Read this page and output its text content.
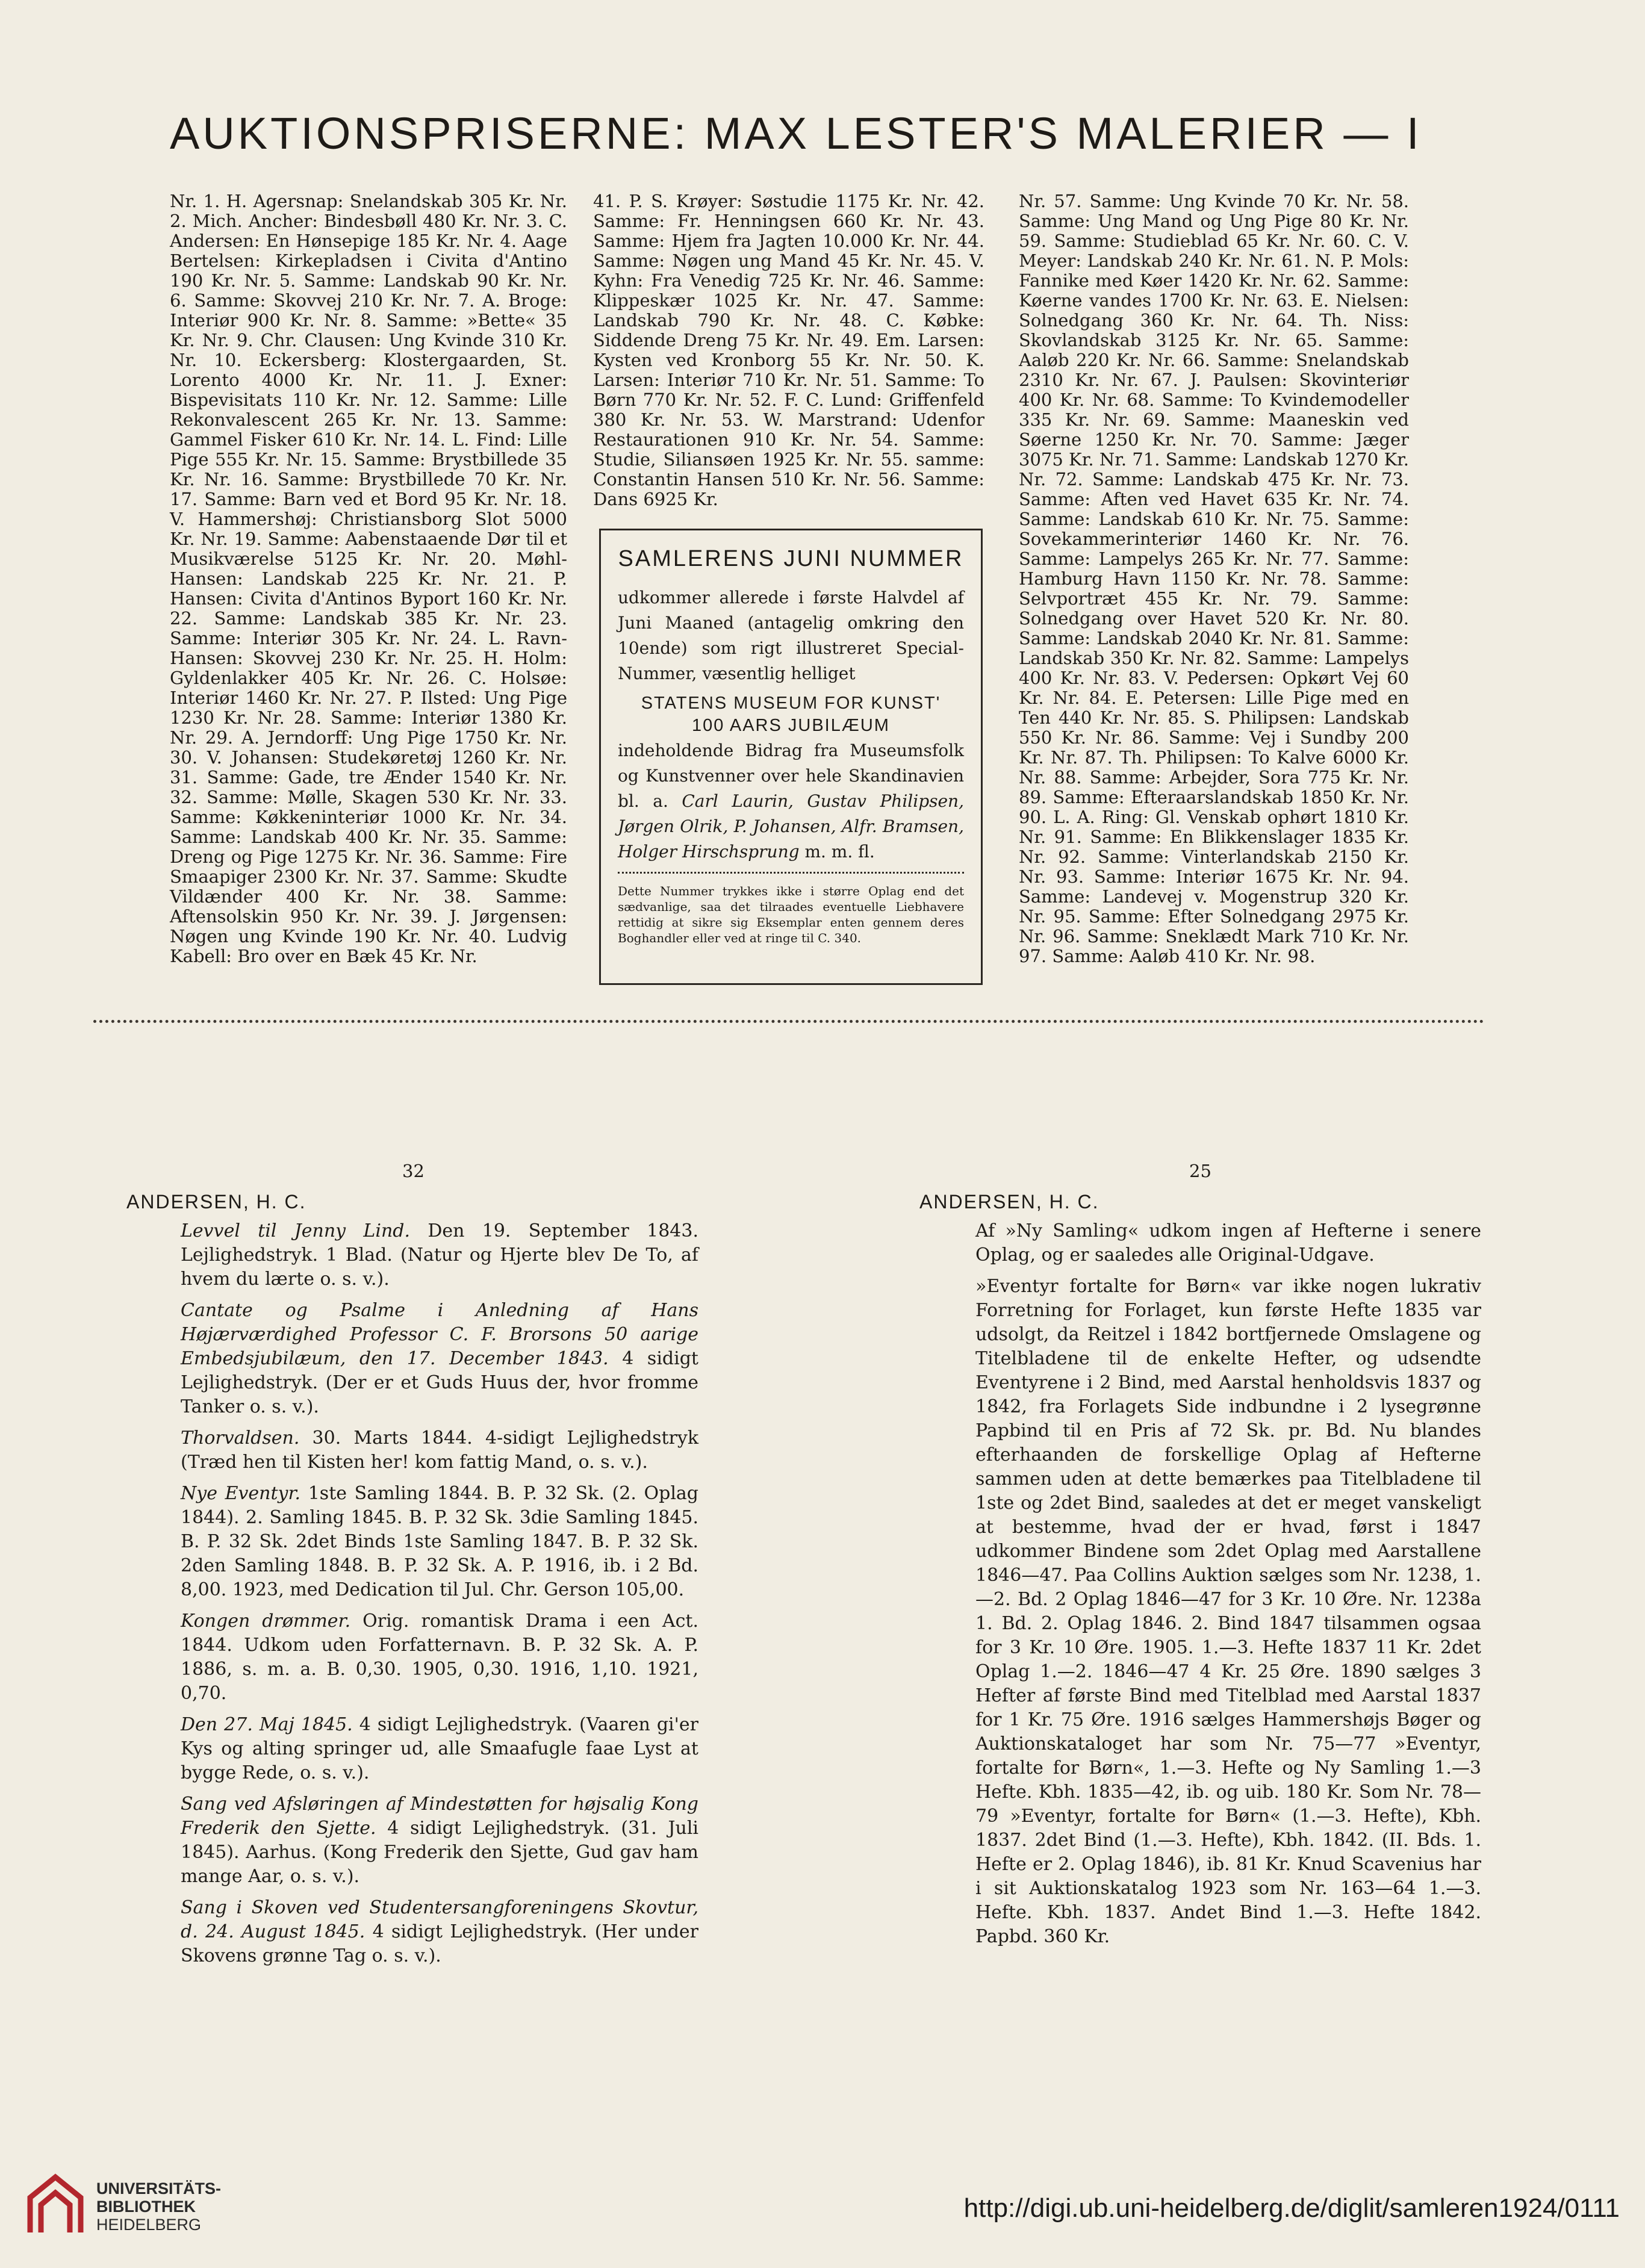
AUKTIONSPRISERNE: MAX LESTER'S MALERIER — I

Nr. 1. H. Agersnap: Snelandskab 305 Kr. Nr. 2. Mich. Ancher: Bindesbøll 480 Kr. Nr. 3. C. Andersen: En Hønsepige 185 Kr. Nr. 4. Aage Bertelsen: Kirkepladsen i Civita d'Antino 190 Kr. Nr. 5. Samme: Landskab 90 Kr. Nr. 6. Samme: Skovvej 210 Kr. Nr. 7. A. Broge: Interiør 900 Kr. Nr. 8. Samme: »Bette« 35 Kr. Nr. 9. Chr. Clausen: Ung Kvinde 310 Kr. Nr. 10. Eckersberg: Klostergaarden, St. Lorento 4000 Kr. Nr. 11. J. Exner: Bispevisitats 110 Kr. Nr. 12. Samme: Lille Rekonvalescent 265 Kr. Nr. 13. Samme: Gammel Fisker 610 Kr. Nr. 14. L. Find: Lille Pige 555 Kr. Nr. 15. Samme: Brystbillede 35 Kr. Nr. 16. Samme: Brystbillede 70 Kr. Nr. 17. Samme: Barn ved et Bord 95 Kr. Nr. 18. V. Hammershøj: Christiansborg Slot 5000 Kr. Nr. 19. Samme: Aabenstaaende Dør til et Musikværelse 5125 Kr. Nr. 20. Møhl-Hansen: Landskab 225 Kr. Nr. 21. P. Hansen: Civita d'Antinos Byport 160 Kr. Nr. 22. Samme: Landskab 385 Kr. Nr. 23. Samme: Interiør 305 Kr. Nr. 24. L. Ravn-Hansen: Skovvej 230 Kr. Nr. 25. H. Holm: Gyldenlakker 405 Kr. Nr. 26. C. Holsøe: Interiør 1460 Kr. Nr. 27. P. Ilsted: Ung Pige 1230 Kr. Nr. 28. Samme: Interiør 1380 Kr. Nr. 29. A. Jerndorff: Ung Pige 1750 Kr. Nr. 30. V. Johansen: Studekøretøj 1260 Kr. Nr. 31. Samme: Gade, tre Ænder 1540 Kr. Nr. 32. Samme: Mølle, Skagen 530 Kr. Nr. 33. Samme: Køkkeninteriør 1000 Kr. Nr. 34. Samme: Landskab 400 Kr. Nr. 35. Samme: Dreng og Pige 1275 Kr. Nr. 36. Samme: Fire Smaapiger 2300 Kr. Nr. 37. Samme: Skudte Vildænder 400 Kr. Nr. 38. Samme: Aftensolskin 950 Kr. Nr. 39. J. Jørgensen: Nøgen ung Kvinde 190 Kr. Nr. 40. Ludvig Kabell: Bro over en Bæk 45 Kr. Nr.

41. P. S. Krøyer: Søstudie 1175 Kr. Nr. 42. Samme: Fr. Henningsen 660 Kr. Nr. 43. Samme: Hjem fra Jagten 10.000 Kr. Nr. 44. Samme: Nøgen ung Mand 45 Kr. Nr. 45. V. Kyhn: Fra Venedig 725 Kr. Nr. 46. Samme: Klippeskær 1025 Kr. Nr. 47. Samme: Landskab 790 Kr. Nr. 48. C. Købke: Siddende Dreng 75 Kr. Nr. 49. Em. Larsen: Kysten ved Kronborg 55 Kr. Nr. 50. K. Larsen: Interiør 710 Kr. Nr. 51. Samme: To Børn 770 Kr. Nr. 52. F. C. Lund: Griffenfeld 380 Kr. Nr. 53. W. Marstrand: Udenfor Restaurationen 910 Kr. Nr. 54. Samme: Studie, Siliansøen 1925 Kr. Nr. 55. samme: Constantin Hansen 510 Kr. Nr. 56. Samme: Dans 6925 Kr.

SAMLERENS JUNI NUMMER

udkommer allerede i første Halvdel af Juni Maaned (antagelig omkring den 10ende) som rigt illustreret Special-Nummer, væsentlig helliget

STATENS MUSEUM FOR KUNST'
100 AARS JUBILÆUM

indeholdende Bidrag fra Museumsfolk og Kunstvenner over hele Skandinavien bl. a. Carl Laurin, Gustav Philipsen, Jørgen Olrik, P. Johansen, Alfr. Bramsen, Holger Hirschsprung m. m. fl.

Dette Nummer trykkes ikke i større Oplag end det sædvanlige, saa det tilraades eventuelle Liebhavere rettidig at sikre sig Eksemplar enten gennem deres Boghandler eller ved at ringe til C. 340.

Nr. 57. Samme: Ung Kvinde 70 Kr. Nr. 58. Samme: Ung Mand og Ung Pige 80 Kr. Nr. 59. Samme: Studieblad 65 Kr. Nr. 60. C. V. Meyer: Landskab 240 Kr. Nr. 61. N. P. Mols: Fannike med Køer 1420 Kr. Nr. 62. Samme: Køerne vandes 1700 Kr. Nr. 63. E. Nielsen: Solnedgang 360 Kr. Nr. 64. Th. Niss: Skovlandskab 3125 Kr. Nr. 65. Samme: Aaløb 220 Kr. Nr. 66. Samme: Snelandskab 2310 Kr. Nr. 67. J. Paulsen: Skovinteriør 400 Kr. Nr. 68. Samme: To Kvindemodeller 335 Kr. Nr. 69. Samme: Maaneskin ved Søerne 1250 Kr. Nr. 70. Samme: Jæger 3075 Kr. Nr. 71. Samme: Landskab 1270 Kr. Nr. 72. Samme: Landskab 475 Kr. Nr. 73. Samme: Aften ved Havet 635 Kr. Nr. 74. Samme: Landskab 610 Kr. Nr. 75. Samme: Sovekammerinteriør 1460 Kr. Nr. 76. Samme: Lampelys 265 Kr. Nr. 77. Samme: Hamburg Havn 1150 Kr. Nr. 78. Samme: Selvportræt 455 Kr. Nr. 79. Samme: Solnedgang over Havet 520 Kr. Nr. 80. Samme: Landskab 2040 Kr. Nr. 81. Samme: Landskab 350 Kr. Nr. 82. Samme: Lampelys 400 Kr. Nr. 83. V. Pedersen: Opkørt Vej 60 Kr. Nr. 84. E. Petersen: Lille Pige med en Ten 440 Kr. Nr. 85. S. Philipsen: Landskab 550 Kr. Nr. 86. Samme: Vej i Sundby 200 Kr. Nr. 87. Th. Philipsen: To Kalve 6000 Kr. Nr. 88. Samme: Arbejder, Sora 775 Kr. Nr. 89. Samme: Efteraarslandskab 1850 Kr. Nr. 90. L. A. Ring: Gl. Venskab ophørt 1810 Kr. Nr. 91. Samme: En Blikkenslager 1835 Kr. Nr. 92. Samme: Vinterlandskab 2150 Kr. Nr. 93. Samme: Interiør 1675 Kr. Nr. 94. Samme: Landevej v. Mogenstrup 320 Kr. Nr. 95. Samme: Efter Solnedgang 2975 Kr. Nr. 96. Samme: Sneklædt Mark 710 Kr. Nr. 97. Samme: Aaløb 410 Kr. Nr. 98.

32
ANDERSEN, H. C.

Levvel til Jenny Lind. Den 19. September 1843. Lejlighedstryk. 1 Blad. (Natur og Hjerte blev De To, af hvem du lærte o. s. v.).

Cantate og Psalme i Anledning af Hans Højærværdighed Professor C. F. Brorsons 50 aarige Embedsjubilæum, den 17. December 1843. 4 sidigt Lejlighedstryk. (Der er et Guds Huus der, hvor fromme Tanker o. s. v.).

Thorvaldsen. 30. Marts 1844. 4-sidigt Lejlighedstryk (Træd hen til Kisten her! kom fattig Mand, o. s. v.).

Nye Eventyr. 1ste Samling 1844. B. P. 32 Sk. (2. Oplag 1844). 2. Samling 1845. B. P. 32 Sk. 3die Samling 1845. B. P. 32 Sk. 2det Binds 1ste Samling 1847. B. P. 32 Sk. 2den Samling 1848. B. P. 32 Sk. A. P. 1916, ib. i 2 Bd. 8,00. 1923, med Dedication til Jul. Chr. Gerson 105,00.

Kongen drømmer. Orig. romantisk Drama i een Act. 1844. Udkom uden Forfatternavn. B. P. 32 Sk. A. P. 1886, s. m. a. B. 0,30. 1905, 0,30. 1916, 1,10. 1921, 0,70.

Den 27. Maj 1845. 4 sidigt Lejlighedstryk. (Vaaren gi'er Kys og alting springer ud, alle Smaafugle faae Lyst at bygge Rede, o. s. v.).

Sang ved Afsløringen af Mindestøtten for højsalig Kong Frederik den Sjette. 4 sidigt Lejlighedstryk. (31. Juli 1845). Aarhus. (Kong Frederik den Sjette, Gud gav ham mange Aar, o. s. v.).

Sang i Skoven ved Studentersangforeningens Skovtur, d. 24. August 1845. 4 sidigt Lejlighedstryk. (Her under Skovens grønne Tag o. s. v.).

25
ANDERSEN, H. C.

Af »Ny Samling« udkom ingen af Hefterne i senere Oplag, og er saaledes alle Original-Udgave.

»Eventyr fortalte for Børn« var ikke nogen lukrativ Forretning for Forlaget, kun første Hefte 1835 var udsolgt, da Reitzel i 1842 bortfjernede Omslagene og Titelbladene til de enkelte Hefter, og udsendte Eventyrene i 2 Bind, med Aarstal henholdsvis 1837 og 1842, fra Forlagets Side indbundne i 2 lysegrønne Papbind til en Pris af 72 Sk. pr. Bd. Nu blandes efterhaanden de forskellige Oplag af Hefterne sammen uden at dette bemærkes paa Titelbladene til 1ste og 2det Bind, saaledes at det er meget vanskeligt at bestemme, hvad der er hvad, først i 1847 udkommer Bindene som 2det Oplag med Aarstallene 1846—47. Paa Collins Auktion sælges som Nr. 1238, 1.—2. Bd. 2 Oplag 1846—47 for 3 Kr. 10 Øre. Nr. 1238a 1. Bd. 2. Oplag 1846. 2. Bind 1847 tilsammen ogsaa for 3 Kr. 10 Øre. 1905. 1.—3. Hefte 1837 11 Kr. 2det Oplag 1.—2. 1846—47 4 Kr. 25 Øre. 1890 sælges 3 Hefter af første Bind med Titelblad med Aarstal 1837 for 1 Kr. 75 Øre. 1916 sælges Hammershøjs Bøger og Auktionskataloget har som Nr. 75—77 »Eventyr, fortalte for Børn«, 1.—3. Hefte og Ny Samling 1.—3 Hefte. Kbh. 1835—42, ib. og uib. 180 Kr. Som Nr. 78—79 »Eventyr, fortalte for Børn« (1.—3. Hefte), Kbh. 1837. 2det Bind (1.—3. Hefte), Kbh. 1842. (II. Bds. 1. Hefte er 2. Oplag 1846), ib. 81 Kr. Knud Scavenius har i sit Auktionskatalog 1923 som Nr. 163—64 1.—3. Hefte. Kbh. 1837. Andet Bind 1.—3. Hefte 1842. Papbd. 360 Kr.

UNIVERSITÄTS-
BIBLIOTHEK
HEIDELBERG
http://digi.ub.uni-heidelberg.de/diglit/samleren1924/0111
